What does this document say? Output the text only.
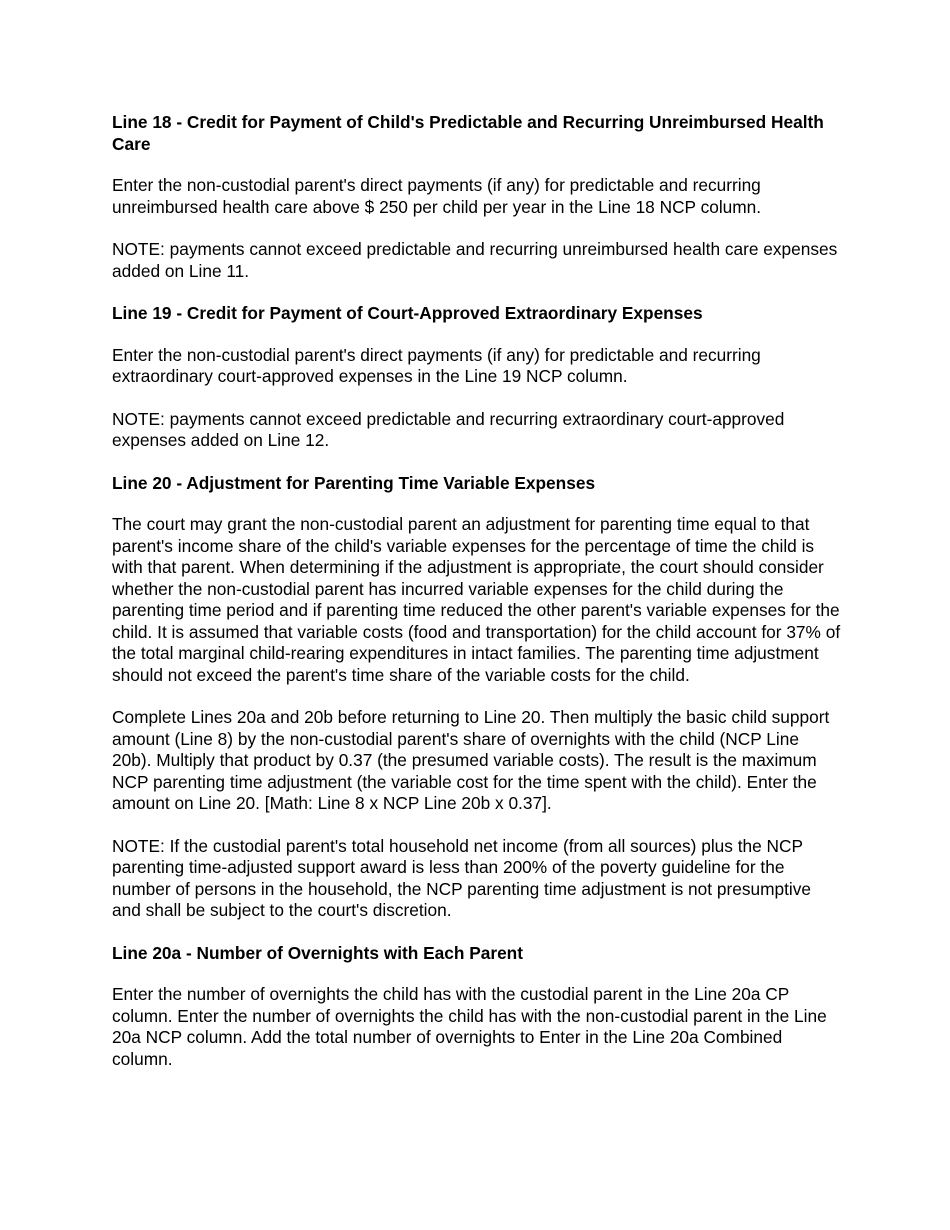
Line 18 - Credit for Payment of Child's Predictable and Recurring Unreimbursed Health Care
Enter the non-custodial parent's direct payments (if any) for predictable and recurring unreimbursed health care above $ 250 per child per year in the Line 18 NCP column.
NOTE: payments cannot exceed predictable and recurring unreimbursed health care expenses added on Line 11.
Line 19 - Credit for Payment of Court-Approved Extraordinary Expenses
Enter the non-custodial parent's direct payments (if any) for predictable and recurring extraordinary court-approved expenses in the Line 19 NCP column.
NOTE: payments cannot exceed predictable and recurring extraordinary court-approved expenses added on Line 12.
Line 20 - Adjustment for Parenting Time Variable Expenses
The court may grant the non-custodial parent an adjustment for parenting time equal to that parent's income share of the child's variable expenses for the percentage of time the child is with that parent. When determining if the adjustment is appropriate, the court should consider whether the non-custodial parent has incurred variable expenses for the child during the parenting time period and if parenting time reduced the other parent's variable expenses for the child. It is assumed that variable costs (food and transportation) for the child account for 37% of the total marginal child-rearing expenditures in intact families. The parenting time adjustment should not exceed the parent's time share of the variable costs for the child.
Complete Lines 20a and 20b before returning to Line 20. Then multiply the basic child support amount (Line 8) by the non-custodial parent's share of overnights with the child (NCP Line 20b). Multiply that product by 0.37 (the presumed variable costs). The result is the maximum NCP parenting time adjustment (the variable cost for the time spent with the child). Enter the amount on Line 20. [Math: Line 8 x NCP Line 20b x 0.37].
NOTE: If the custodial parent's total household net income (from all sources) plus the NCP parenting time-adjusted support award is less than 200% of the poverty guideline for the number of persons in the household, the NCP parenting time adjustment is not presumptive and shall be subject to the court's discretion.
Line 20a - Number of Overnights with Each Parent
Enter the number of overnights the child has with the custodial parent in the Line 20a CP column. Enter the number of overnights the child has with the non-custodial parent in the Line 20a NCP column. Add the total number of overnights to Enter in the Line 20a Combined column.
